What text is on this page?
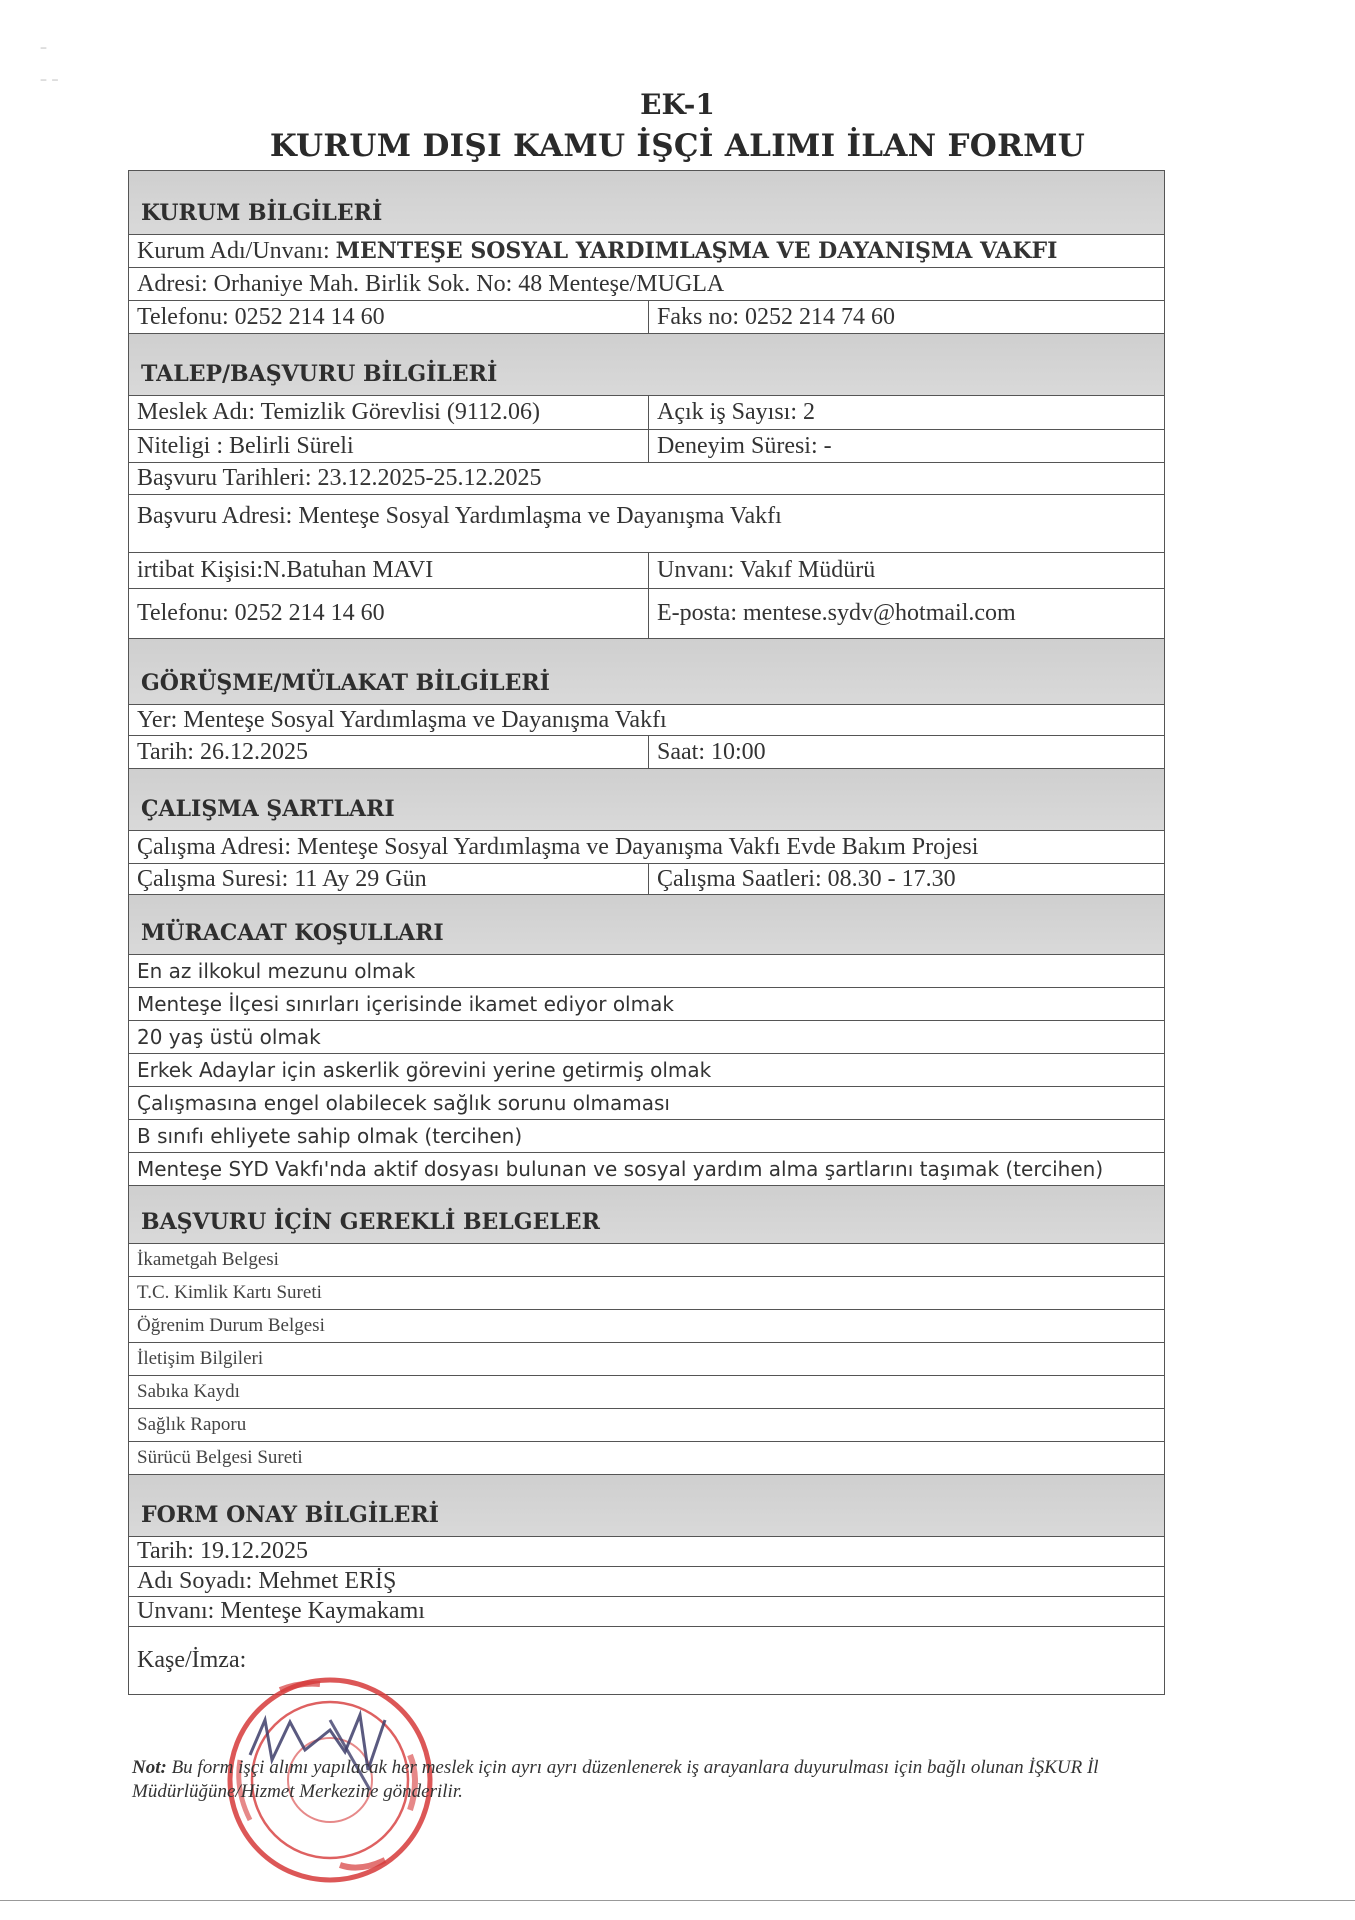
–

– –
EK-1
KURUM DIŞI KAMU İŞÇİ ALIMI İLAN FORMU
KURUM BİLGİLERİ
Kurum Adı/Unvanı: MENTEŞE SOSYAL YARDIMLAŞMA VE DAYANIŞMA VAKFI
Adresi: Orhaniye Mah. Birlik Sok. No: 48 Menteşe/MUGLA
Telefonu: 0252 214 14 60	Faks no: 0252 214 74 60
TALEP/BAŞVURU BİLGİLERİ
Meslek Adı: Temizlik Görevlisi (9112.06)	Açık iş Sayısı: 2
Niteligi : Belirli Süreli	Deneyim Süresi: -
Başvuru Tarihleri: 23.12.2025-25.12.2025
Başvuru Adresi: Menteşe Sosyal Yardımlaşma ve Dayanışma Vakfı
irtibat Kişisi:N.Batuhan MAVI	Unvanı: Vakıf Müdürü
Telefonu: 0252 214 14 60	E-posta: mentese.sydv@hotmail.com
GÖRÜŞME/MÜLAKAT BİLGİLERİ
Yer: Menteşe Sosyal Yardımlaşma ve Dayanışma Vakfı
Tarih: 26.12.2025	Saat: 10:00
ÇALIŞMA ŞARTLARI
Çalışma Adresi: Menteşe Sosyal Yardımlaşma ve Dayanışma Vakfı Evde Bakım Projesi
Çalışma Suresi: 11 Ay 29 Gün	Çalışma Saatleri: 08.30 - 17.30
MÜRACAAT KOŞULLARI
En az ilkokul mezunu olmak
Menteşe İlçesi sınırları içerisinde ikamet ediyor olmak
20 yaş üstü olmak
Erkek Adaylar için askerlik görevini yerine getirmiş olmak
Çalışmasına engel olabilecek sağlık sorunu olmaması
B sınıfı ehliyete sahip olmak (tercihen)
Menteşe SYD Vakfı'nda aktif dosyası bulunan ve sosyal yardım alma şartlarını taşımak (tercihen)
BAŞVURU İÇİN GEREKLİ BELGELER
İkametgah Belgesi
T.C. Kimlik Kartı Sureti
Öğrenim Durum Belgesi
İletişim Bilgileri
Sabıka Kaydı
Sağlık Raporu
Sürücü Belgesi Sureti
FORM ONAY BİLGİLERİ
Tarih: 19.12.2025
Adı Soyadı: Mehmet ERİŞ
Unvanı: Menteşe Kaymakamı
Kaşe/İmza:
Not: Bu form işçi alımı yapılacak her meslek için ayrı ayrı düzenlenerek iş arayanlara duyurulması için bağlı olunan İŞKUR İl Müdürlüğüne/Hizmet Merkezine gönderilir.
